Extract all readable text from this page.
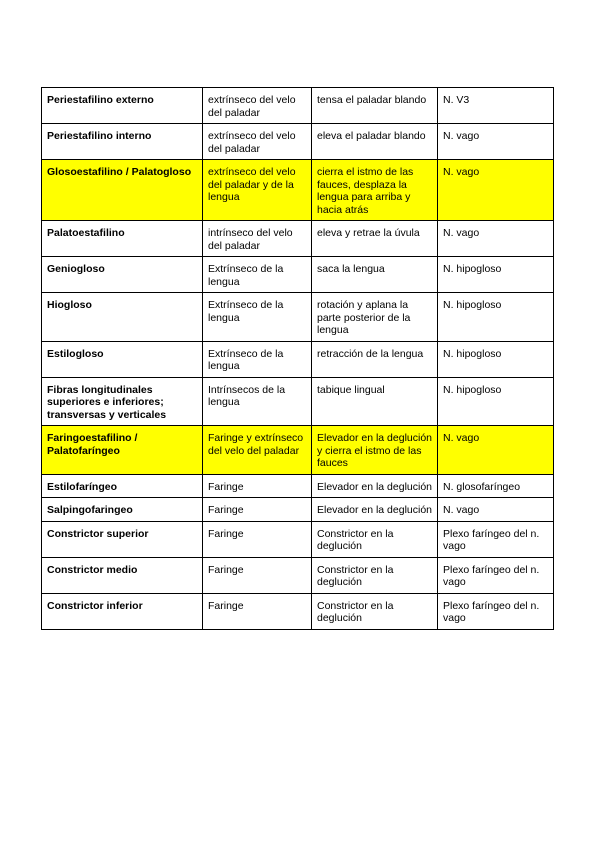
Periestafilino externo	extrínseco del velo del paladar	tensa el paladar blando	N. V3
Periestafilino interno	extrínseco del velo del paladar	eleva el paladar blando	N. vago
Glosoestafilino / Palatogloso	extrínseco del velo del paladar y de la lengua	cierra el istmo de las fauces, desplaza la lengua para arriba y hacia atrás	N. vago
Palatoestafilino	intrínseco del velo del paladar	eleva y retrae la úvula	N. vago
Geniogloso	Extrínseco de la lengua	saca la lengua	N. hipogloso
Hiogloso	Extrínseco de la lengua	rotación y aplana la parte posterior de la lengua	N. hipogloso
Estilogloso	Extrínseco de la lengua	retracción de la lengua	N. hipogloso
Fibras longitudinales superiores e inferiores; transversas y verticales	Intrínsecos de la lengua	tabique lingual	N. hipogloso
Faringoestafilino / Palatofaríngeo	Faringe y extrínseco del velo del paladar	Elevador en la deglución y cierra el istmo de las fauces	N. vago
Estilofaríngeo	Faringe	Elevador en la deglución	N. glosofaríngeo
Salpingofaringeo	Faringe	Elevador en la deglución	N. vago
Constrictor superior	Faringe	Constrictor en la deglución	Plexo faríngeo del n. vago
Constrictor medio	Faringe	Constrictor en la deglución	Plexo faríngeo del n. vago
Constrictor inferior	Faringe	Constrictor en la deglución	Plexo faríngeo del n. vago
